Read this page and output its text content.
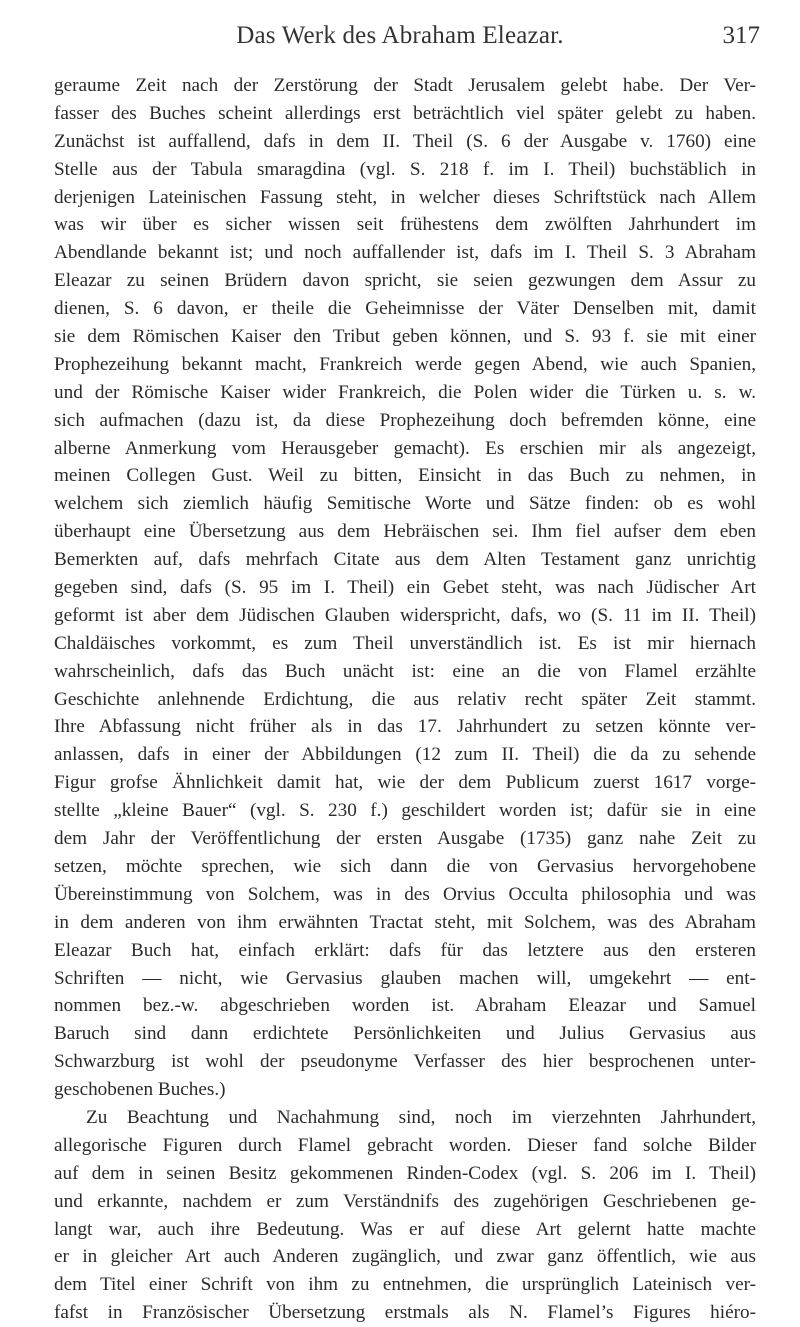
Das Werk des Abraham Eleazar.	317
geraume Zeit nach der Zerstörung der Stadt Jerusalem gelebt habe. Der Ver-
fasser des Buches scheint allerdings erst beträchtlich viel später gelebt zu haben.
Zunächst ist auffallend, dafs in dem II. Theil (S. 6 der Ausgabe v. 1760) eine
Stelle aus der Tabula smaragdina (vgl. S. 218 f. im I. Theil) buchstäblich in
derjenigen Lateinischen Fassung steht, in welcher dieses Schriftstück nach Allem
was wir über es sicher wissen seit frühestens dem zwölften Jahrhundert im
Abendlande bekannt ist; und noch auffallender ist, dafs im I. Theil S. 3 Abraham
Eleazar zu seinen Brüdern davon spricht, sie seien gezwungen dem Assur zu
dienen, S. 6 davon, er theile die Geheimnisse der Väter Denselben mit, damit
sie dem Römischen Kaiser den Tribut geben können, und S. 93 f. sie mit einer
Prophezeihung bekannt macht, Frankreich werde gegen Abend, wie auch Spanien,
und der Römische Kaiser wider Frankreich, die Polen wider die Türken u. s. w.
sich aufmachen (dazu ist, da diese Prophezeihung doch befremden könne, eine
alberne Anmerkung vom Herausgeber gemacht). Es erschien mir als angezeigt,
meinen Collegen Gust. Weil zu bitten, Einsicht in das Buch zu nehmen, in
welchem sich ziemlich häufig Semitische Worte und Sätze finden: ob es wohl
überhaupt eine Übersetzung aus dem Hebräischen sei. Ihm fiel aufser dem eben
Bemerkten auf, dafs mehrfach Citate aus dem Alten Testament ganz unrichtig
gegeben sind, dafs (S. 95 im I. Theil) ein Gebet steht, was nach Jüdischer Art
geformt ist aber dem Jüdischen Glauben widerspricht, dafs, wo (S. 11 im II. Theil)
Chaldäisches vorkommt, es zum Theil unverständlich ist. Es ist mir hiernach
wahrscheinlich, dafs das Buch unächt ist: eine an die von Flamel erzählte
Geschichte anlehnende Erdichtung, die aus relativ recht später Zeit stammt.
Ihre Abfassung nicht früher als in das 17. Jahrhundert zu setzen könnte ver-
anlassen, dafs in einer der Abbildungen (12 zum II. Theil) die da zu sehende
Figur grofse Ähnlichkeit damit hat, wie der dem Publicum zuerst 1617 vorge-
stellte „kleine Bauer“ (vgl. S. 230 f.) geschildert worden ist; dafür sie in eine
dem Jahr der Veröffentlichung der ersten Ausgabe (1735) ganz nahe Zeit zu
setzen, möchte sprechen, wie sich dann die von Gervasius hervorgehobene
Übereinstimmung von Solchem, was in des Orvius Occulta philosophia und was
in dem anderen von ihm erwähnten Tractat steht, mit Solchem, was des Abraham
Eleazar Buch hat, einfach erklärt: dafs für das letztere aus den ersteren
Schriften — nicht, wie Gervasius glauben machen will, umgekehrt — ent-
nommen bez.-w. abgeschrieben worden ist. Abraham Eleazar und Samuel
Baruch sind dann erdichtete Persönlichkeiten und Julius Gervasius aus
Schwarzburg ist wohl der pseudonyme Verfasser des hier besprochenen unter-
geschobenen Buches.)
Zu Beachtung und Nachahmung sind, noch im vierzehnten Jahrhundert,
allegorische Figuren durch Flamel gebracht worden. Dieser fand solche Bilder
auf dem in seinen Besitz gekommenen Rinden-Codex (vgl. S. 206 im I. Theil)
und erkannte, nachdem er zum Verständnifs des zugehörigen Geschriebenen ge-
langt war, auch ihre Bedeutung. Was er auf diese Art gelernt hatte machte
er in gleicher Art auch Anderen zugänglich, und zwar ganz öffentlich, wie aus
dem Titel einer Schrift von ihm zu entnehmen, die ursprünglich Lateinisch ver-
fafst in Französischer Übersetzung erstmals als N. Flamel’s Figures hiéro-
